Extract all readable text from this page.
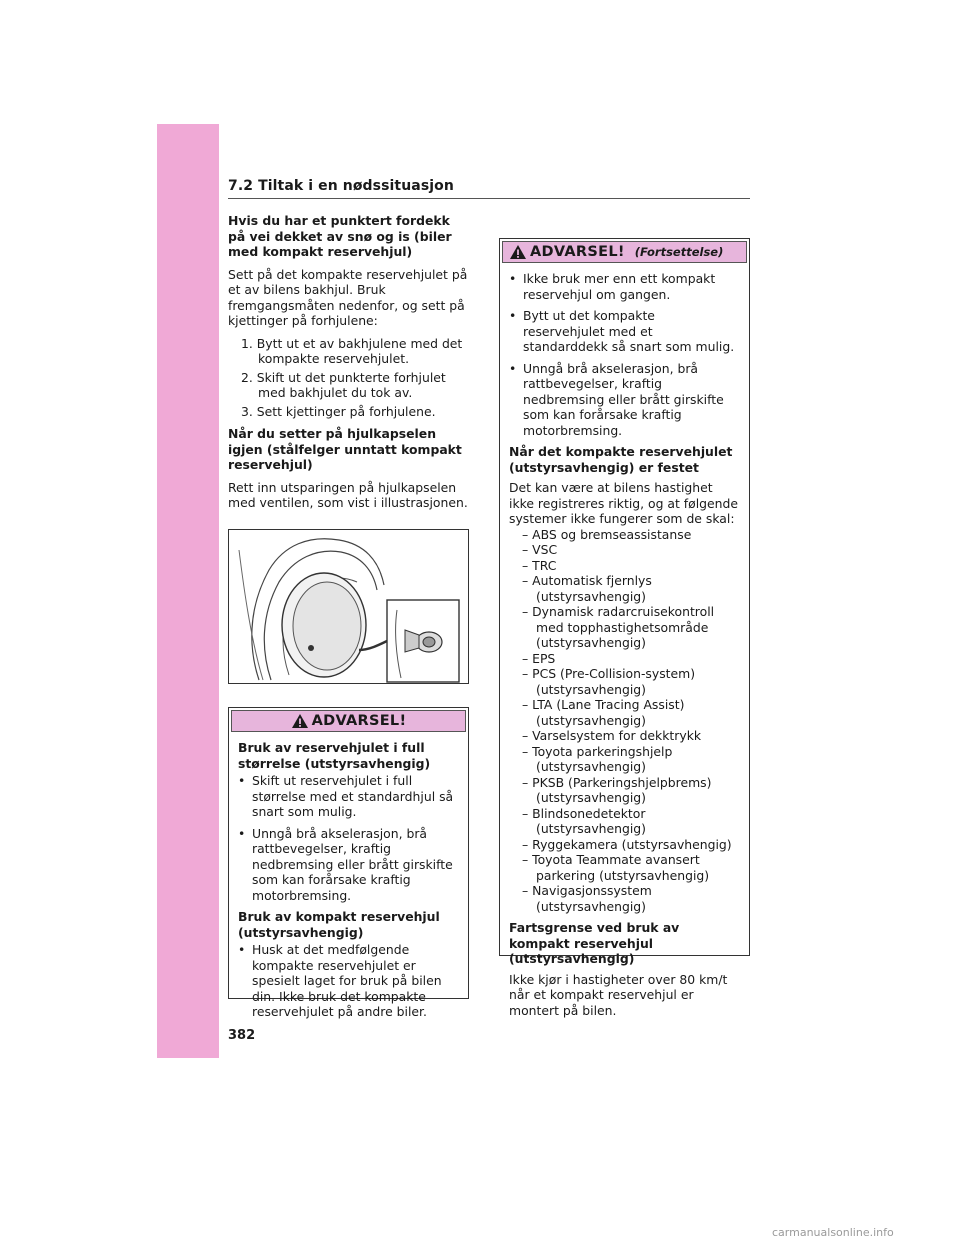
7.2 Tiltak i en nødssituasjon
Hvis du har et punktert fordekk på vei dekket av snø og is (biler med kompakt reservehjul)
Sett på det kompakte reservehjulet på et av bilens bakhjul. Bruk fremgangsmåten nedenfor, og sett på kjettinger på forhjulene:
1. Bytt ut et av bakhjulene med det kompakte reservehjulet.
2. Skift ut det punkterte forhjulet med bakhjulet du tok av.
3. Sett kjettinger på forhjulene.
Når du setter på hjulkapselen igjen (stålfelger unntatt kompakt reservehjul)
Rett inn utsparingen på hjulkapselen med ventilen, som vist i illustrasjonen.
ADVARSEL!
Bruk av reservehjulet i full størrelse (utstyrsavhengig)
• Skift ut reservehjulet i full størrelse med et standardhjul så snart som mulig.
• Unngå brå akselerasjon, brå rattbevegelser, kraftig nedbremsing eller brått girskifte som kan forårsake kraftig motorbremsing.
Bruk av kompakt reservehjul (utstyrsavhengig)
• Husk at det medfølgende kompakte reservehjulet er spesielt laget for bruk på bilen din. Ikke bruk det kompakte reservehjulet på andre biler.
ADVARSEL! (Fortsettelse)
• Ikke bruk mer enn ett kompakt reservehjul om gangen.
• Bytt ut det kompakte reservehjulet med et standarddekk så snart som mulig.
• Unngå brå akselerasjon, brå rattbevegelser, kraftig nedbremsing eller brått girskifte som kan forårsake kraftig motorbremsing.
Når det kompakte reservehjulet (utstyrsavhengig) er festet
Det kan være at bilens hastighet ikke registreres riktig, og at følgende systemer ikke fungerer som de skal:
– ABS og bremseassistanse
– VSC
– TRC
– Automatisk fjernlys (utstyrsavhengig)
– Dynamisk radarcruisekontroll med topphastighetsområde (utstyrsavhengig)
– EPS
– PCS (Pre-Collision-system) (utstyrsavhengig)
– LTA (Lane Tracing Assist) (utstyrsavhengig)
– Varselsystem for dekktrykk
– Toyota parkeringshjelp (utstyrsavhengig)
– PKSB (Parkeringshjelpbrems) (utstyrsavhengig)
– Blindsonedetektor (utstyrsavhengig)
– Ryggekamera (utstyrsavhengig)
– Toyota Teammate avansert parkering (utstyrsavhengig)
– Navigasjonssystem (utstyrsavhengig)
Fartsgrense ved bruk av kompakt reservehjul (utstyrsavhengig)
Ikke kjør i hastigheter over 80 km/t når et kompakt reservehjul er montert på bilen.
382
carmanualsonline.info
